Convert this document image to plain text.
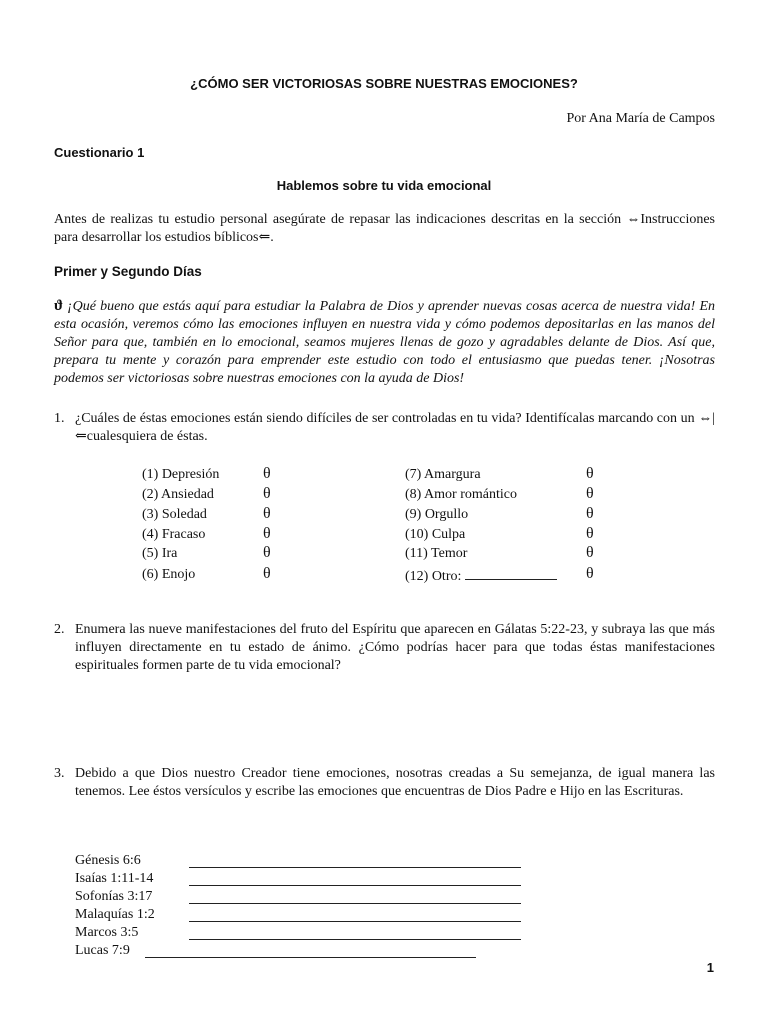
¿CÓMO SER VICTORIOSAS SOBRE NUESTRAS EMOCIONES?
Por Ana María de Campos
Cuestionario 1
Hablemos sobre tu vida emocional
Antes de realizas tu estudio personal asegúrate de repasar las indicaciones descritas en la sección ⇔Instrucciones para desarrollar los estudios bíblicos⇐.
Primer y Segundo Días
ϑ ¡Qué bueno que estás aquí para estudiar la Palabra de Dios y aprender nuevas cosas acerca de nuestra vida! En esta ocasión, veremos cómo las emociones influyen en nuestra vida y cómo podemos depositarlas en las manos del Señor para que, también en lo emocional, seamos mujeres llenas de gozo y agradables delante de Dios. Así que, prepara tu mente y corazón para emprender este estudio con todo el entusiasmo que puedas tener. ¡Nosotras podemos ser victoriosas sobre nuestras emociones con la ayuda de Dios!
1. ¿Cuáles de éstas emociones están siendo difíciles de ser controladas en tu vida? Identifícalas marcando con un ⇔| ⇐cualesquiera de éstas.
(1) Depresión
(2) Ansiedad
(3) Soledad
(4) Fracaso
(5) Ira
(6) Enojo
θ
θ
θ
θ
θ
θ
(7) Amargura
(8) Amor romántico
(9) Orgullo
(10) Culpa
(11) Temor
(12) Otro:
θ
θ
θ
θ
θ
θ
2. Enumera las nueve manifestaciones del fruto del Espíritu que aparecen en Gálatas 5:22-23, y subraya las que más influyen directamente en tu estado de ánimo. ¿Cómo podrías hacer para que todas éstas manifestaciones espirituales formen parte de tu vida emocional?
3. Debido a que Dios nuestro Creador tiene emociones, nosotras creadas a Su semejanza, de igual manera las tenemos. Lee éstos versículos y escribe las emociones que encuentras de Dios Padre e Hijo en las Escrituras.
Génesis 6:6
Isaías 1:11-14
Sofonías 3:17
Malaquías 1:2
Marcos 3:5
Lucas 7:9
1
